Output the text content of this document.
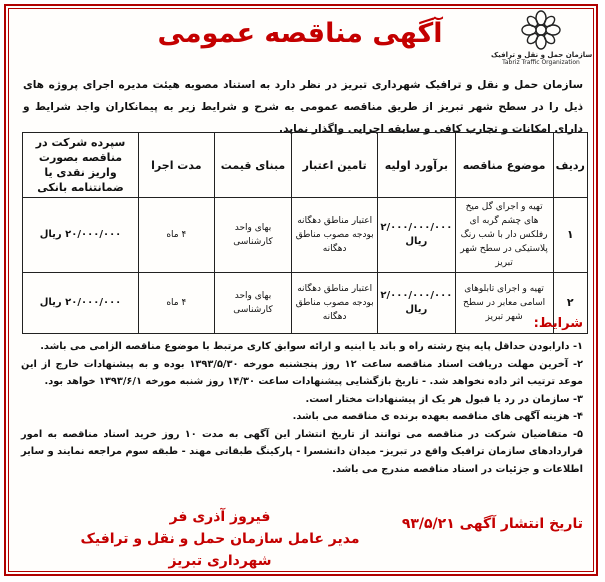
سازمان حمل و نقل و ترافیک
Tabriz Traffic Organization
آگهی مناقصه عمومی
سازمان حمل و نقل و ترافیک شهرداری تبریز در نظر دارد به استناد مصوبه هیئت مدیره اجرای پروژه های ذیل را در سطح شهر تبریز از طریق مناقصه عمومی به شرح و شرایط زیر به پیمانکاران واجد شرایط و دارای امکانات و تجارب کافی و سابقه اجرایی واگذار نماید.
ردیف	موضوع مناقصه	برآورد اولیه	تامین اعتبار	مبنای قیمت	مدت اجرا	سپرده شرکت در مناقصه بصورت واریز نقدی یا ضمانتنامه بانکی
۱	تهیه و اجرای گل میخ های چشم گربه ای رفلکس دار با شب رنگ پلاستیکی در سطح شهر تبریز	۲/۰۰۰/۰۰۰/۰۰۰ ریال	اعتبار مناطق دهگانه بودجه مصوب مناطق دهگانه	بهای واحد کارشناسی	۴ ماه	۲۰/۰۰۰/۰۰۰ ریال
۲	تهیه و اجرای تابلوهای اسامی معابر در سطح شهر تبریز	۲/۰۰۰/۰۰۰/۰۰۰ ریال	اعتبار مناطق دهگانه بودجه مصوب مناطق دهگانه	بهای واحد کارشناسی	۴ ماه	۲۰/۰۰۰/۰۰۰ ریال
شرایط:

۱- دارابودن حداقل پایه پنج رشته راه و باند یا ابنیه و ارائه سوابق کاری مرتبط با موضوع مناقصه الزامی می باشد.

۲- آخرین مهلت دریافت اسناد مناقصه ساعت ۱۲ روز پنجشنبه مورخه ۱۳۹۳/۵/۳۰ بوده و به پیشنهادات خارج از این موعد ترتیب اثر داده نخواهد شد. - تاریخ بازگشایی پیشنهادات ساعت ۱۴/۳۰ روز شنبه مورخه ۱۳۹۳/۶/۱ خواهد بود.

۳- سازمان در رد یا قبول هر یک از پیشنهادات مختار است.

۴- هزینه آگهی های مناقصه بعهده برنده ی مناقصه می باشد.

۵- متقاضیان شرکت در مناقصه می توانند از تاریخ انتشار این آگهی به مدت ۱۰ روز خرید اسناد مناقصه به امور قراردادهای سازمان ترافیک واقع در تبریز- میدان دانشسرا - پارکینگ طبقاتی مهند - طبقه سوم مراجعه نمایند و سایر اطلاعات و جزئیات در اسناد مناقصه مندرج می باشد.

فیروز آذری فر
مدیر عامل سازمان حمل و نقل و ترافیک شهرداری تبریز
تاریخ انتشار آگهی ۹۳/۵/۲۱
